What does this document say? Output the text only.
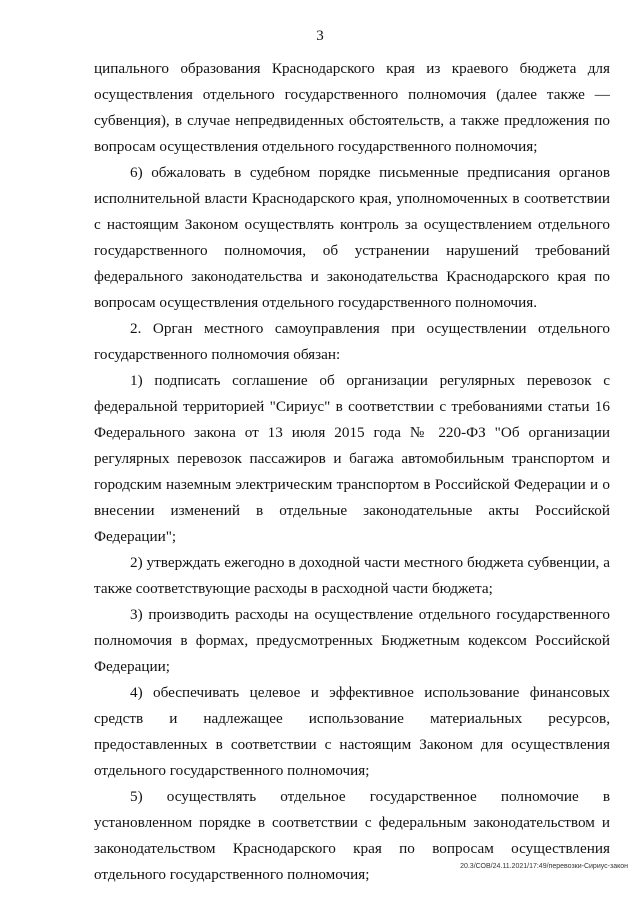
3

ципального образования Краснодарского края из краевого бюджета для осуществления отдельного государственного полномочия (далее также — субвенция), в случае непредвиденных обстоятельств, а также предложения по вопросам осуществления отдельного государственного полномочия;

6) обжаловать в судебном порядке письменные предписания органов исполнительной власти Краснодарского края, уполномоченных в соответствии с настоящим Законом осуществлять контроль за осуществлением отдельного государственного полномочия, об устранении нарушений требований федерального законодательства и законодательства Краснодарского края по вопросам осуществления отдельного государственного полномочия.

2. Орган местного самоуправления при осуществлении отдельного государственного полномочия обязан:

1) подписать соглашение об организации регулярных перевозок с федеральной территорией "Сириус" в соответствии с требованиями статьи 16 Федерального закона от 13 июля 2015 года № 220-ФЗ "Об организации регулярных перевозок пассажиров и багажа автомобильным транспортом и городским наземным электрическим транспортом в Российской Федерации и о внесении изменений в отдельные законодательные акты Российской Федерации";

2) утверждать ежегодно в доходной части местного бюджета субвенции, а также соответствующие расходы в расходной части бюджета;

3) производить расходы на осуществление отдельного государственного полномочия в формах, предусмотренных Бюджетным кодексом Российской Федерации;

4) обеспечивать целевое и эффективное использование финансовых средств и надлежащее использование материальных ресурсов, предоставленных в соответствии с настоящим Законом для осуществления отдельного государственного полномочия;

5) осуществлять отдельное государственное полномочие в установленном порядке в соответствии с федеральным законодательством и законодательством Краснодарского края по вопросам осуществления отдельного государственного полномочия;	20.3/СОВ/24.11.2021/17:49/перевозки-Сириус-закон
